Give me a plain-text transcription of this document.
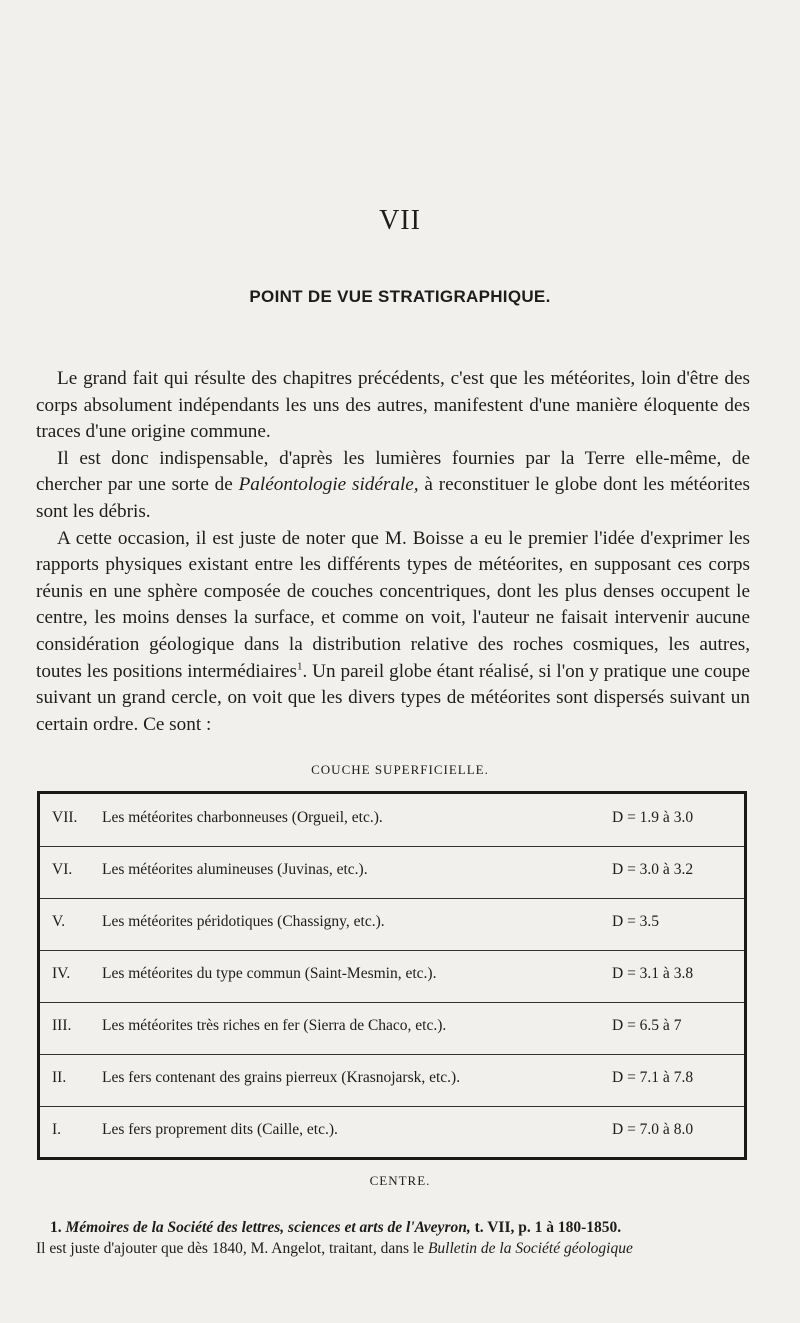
VII
POINT DE VUE STRATIGRAPHIQUE.

Le grand fait qui résulte des chapitres précédents, c'est que les météorites, loin d'être des corps absolument indépendants les uns des autres, manifestent d'une manière éloquente des traces d'une origine commune.

Il est donc indispensable, d'après les lumières fournies par la Terre elle-même, de chercher par une sorte de Paléontologie sidérale, à reconstituer le globe dont les météorites sont les débris.

A cette occasion, il est juste de noter que M. Boisse a eu le premier l'idée d'exprimer les rapports physiques existant entre les différents types de météorites, en supposant ces corps réunis en une sphère composée de couches concentriques, dont les plus denses occupent le centre, les moins denses la surface, et comme on voit, l'auteur ne faisait intervenir aucune considération géologique dans la distribution relative des roches cosmiques, les autres, toutes les positions intermédiaires$^1$. Un pareil globe étant réalisé, si l'on y pratique une coupe suivant un grand cercle, on voit que les divers types de météorites sont dispersés suivant un certain ordre. Ce sont :

COUCHE SUPERFICIELLE.
VII.	Les météorites charbonneuses (Orgueil, etc.).	D = 1.9 à 3.0
VI.	Les météorites alumineuses (Juvinas, etc.).	D = 3.0 à 3.2
V.	Les météorites péridotiques (Chassigny, etc.).	D = 3.5
IV.	Les météorites du type commun (Saint-Mesmin, etc.).	D = 3.1 à 3.8
III.	Les météorites très riches en fer (Sierra de Chaco, etc.).	D = 6.5 à 7
II.	Les fers contenant des grains pierreux (Krasnojarsk, etc.).	D = 7.1 à 7.8
I.	Les fers proprement dits (Caille, etc.).	D = 7.0 à 8.0
CENTRE.

1. Mémoires de la Société des lettres, sciences et arts de l'Aveyron, t. VII, p. 1 à 180-1850.

Il est juste d'ajouter que dès 1840, M. Angelot, traitant, dans le Bulletin de la Société géologique
